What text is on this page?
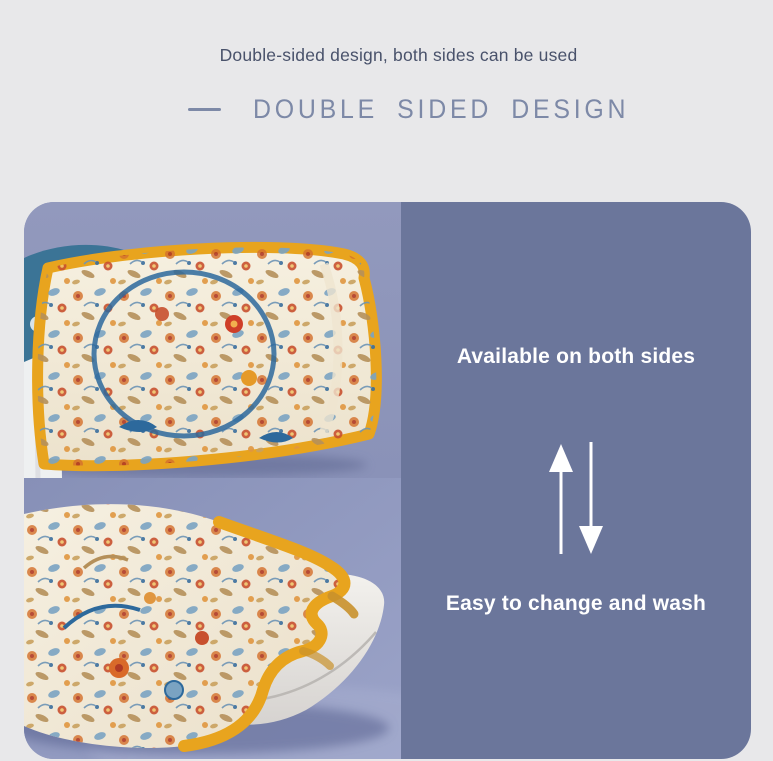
Double-sided design, both sides can be used

DOUBLE SIDED DESIGN

Available on both sides

Easy to change and wash
